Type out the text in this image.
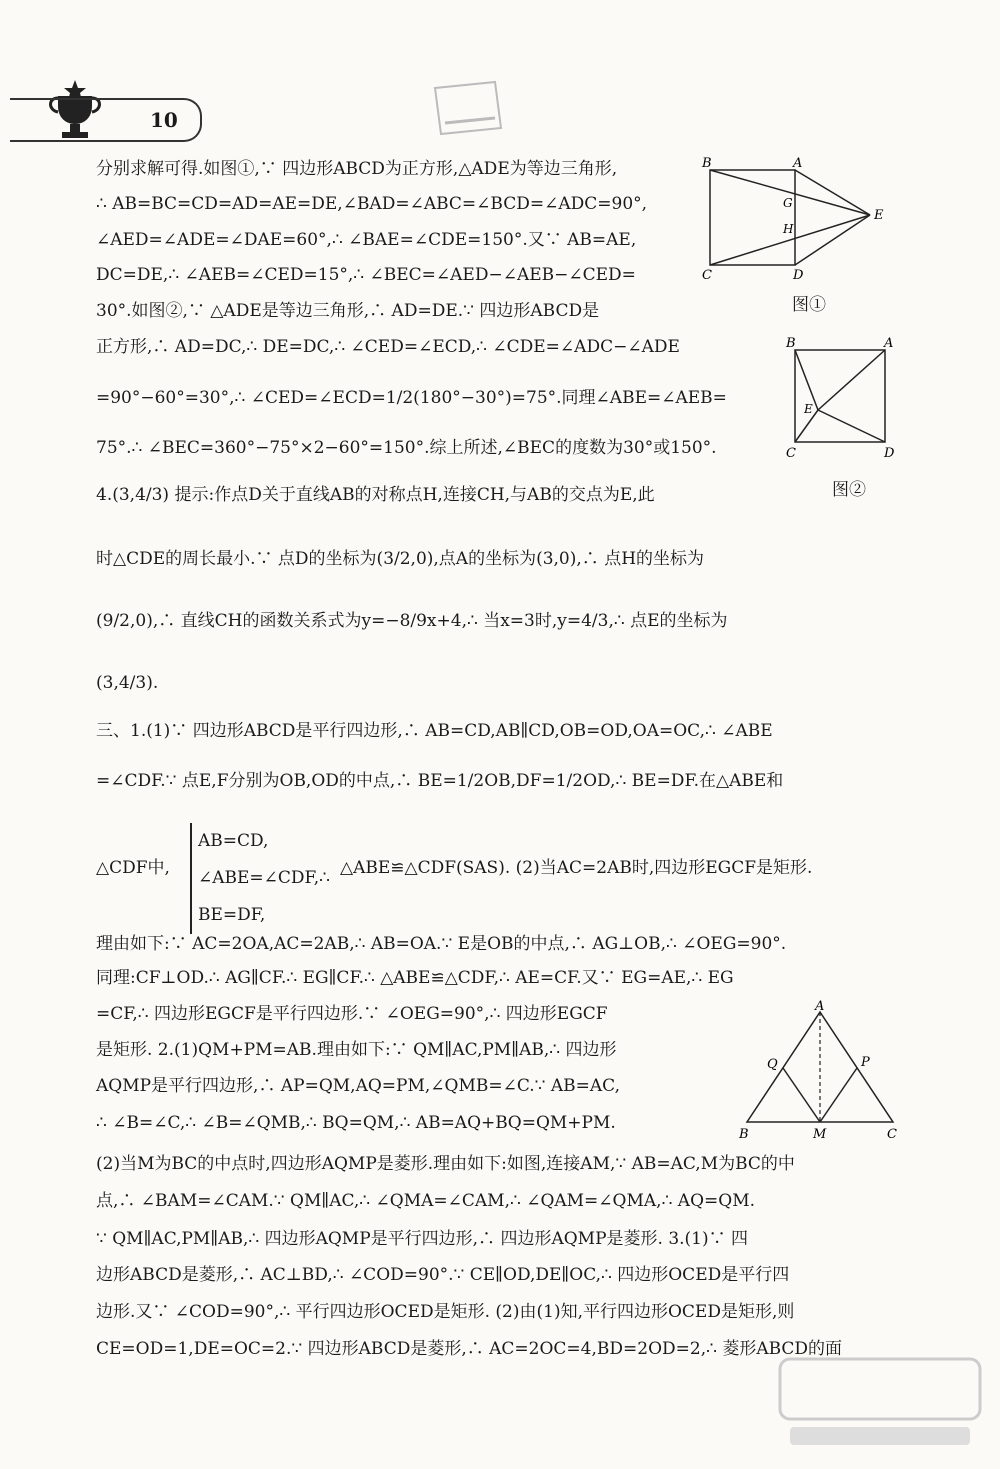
10
分别求解可得.如图①,∵ 四边形ABCD为正方形,△ADE为等边三角形,
∴ AB=BC=CD=AD=AE=DE,∠BAD=∠ABC=∠BCD=∠ADC=90°,
∠AED=∠ADE=∠DAE=60°,∴ ∠BAE=∠CDE=150°.又∵ AB=AE,
DC=DE,∴ ∠AEB=∠CED=15°,∴ ∠BEC=∠AED−∠AEB−∠CED=
30°.如图②,∵ △ADE是等边三角形,∴ AD=DE.∵ 四边形ABCD是
正方形,∴ AD=DC,∴ DE=DC,∴ ∠CED=∠ECD,∴ ∠CDE=∠ADC−∠ADE
=90°−60°=30°,∴ ∠CED=∠ECD=1/2(180°−30°)=75°.同理∠ABE=∠AEB=
75°.∴ ∠BEC=360°−75°×2−60°=150°.综上所述,∠BEC的度数为30°或150°.
4.(3,4/3) 提示:作点D关于直线AB的对称点H,连接CH,与AB的交点为E,此
时△CDE的周长最小.∵ 点D的坐标为(3/2,0),点A的坐标为(3,0),∴ 点H的坐标为
(9/2,0),∴ 直线CH的函数关系式为y=−8/9x+4,∴ 当x=3时,y=4/3,∴ 点E的坐标为
(3,4/3).
三、1.(1)∵ 四边形ABCD是平行四边形,∴ AB=CD,AB∥CD,OB=OD,OA=OC,∴ ∠ABE
=∠CDF.∵ 点E,F分别为OB,OD的中点,∴ BE=1/2OB,DF=1/2OD,∴ BE=DF.在△ABE和
△CDF中,	△ABE≌△CDF(SAS). (2)当AC=2AB时,四边形EGCF是矩形.
理由如下:∵ AC=2OA,AC=2AB,∴ AB=OA.∵ E是OB的中点,∴ AG⊥OB,∴ ∠OEG=90°.
同理:CF⊥OD.∴ AG∥CF.∴ EG∥CF.∴ △ABE≌△CDF,∴ AE=CF.又∵ EG=AE,∴ EG
=CF,∴ 四边形EGCF是平行四边形.∵ ∠OEG=90°,∴ 四边形EGCF
是矩形. 2.(1)QM+PM=AB.理由如下:∵ QM∥AC,PM∥AB,∴ 四边形
AQMP是平行四边形,∴ AP=QM,AQ=PM,∠QMB=∠C.∵ AB=AC,
∴ ∠B=∠C,∴ ∠B=∠QMB,∴ BQ=QM,∴ AB=AQ+BQ=QM+PM.
(2)当M为BC的中点时,四边形AQMP是菱形.理由如下:如图,连接AM,∵ AB=AC,M为BC的中
点,∴ ∠BAM=∠CAM.∵ QM∥AC,∴ ∠QMA=∠CAM,∴ ∠QAM=∠QMA,∴ AQ=QM.
∵ QM∥AC,PM∥AB,∴ 四边形AQMP是平行四边形,∴ 四边形AQMP是菱形. 3.(1)∵ 四
边形ABCD是菱形,∴ AC⊥BD,∴ ∠COD=90°.∵ CE∥OD,DE∥OC,∴ 四边形OCED是平行四
边形.又∵ ∠COD=90°,∴ 平行四边形OCED是矩形. (2)由(1)知,平行四边形OCED是矩形,则
CE=OD=1,DE=OC=2.∵ 四边形ABCD是菱形,∴ AC=2OC=4,BD=2OD=2,∴ 菱形ABCD的面
AB=CD,
∠ABE=∠CDF,∴
BE=DF,
B	A
G
H
E
C	D
图①
B	A
E
C	D
图②
A
Q	P
B	M	C
